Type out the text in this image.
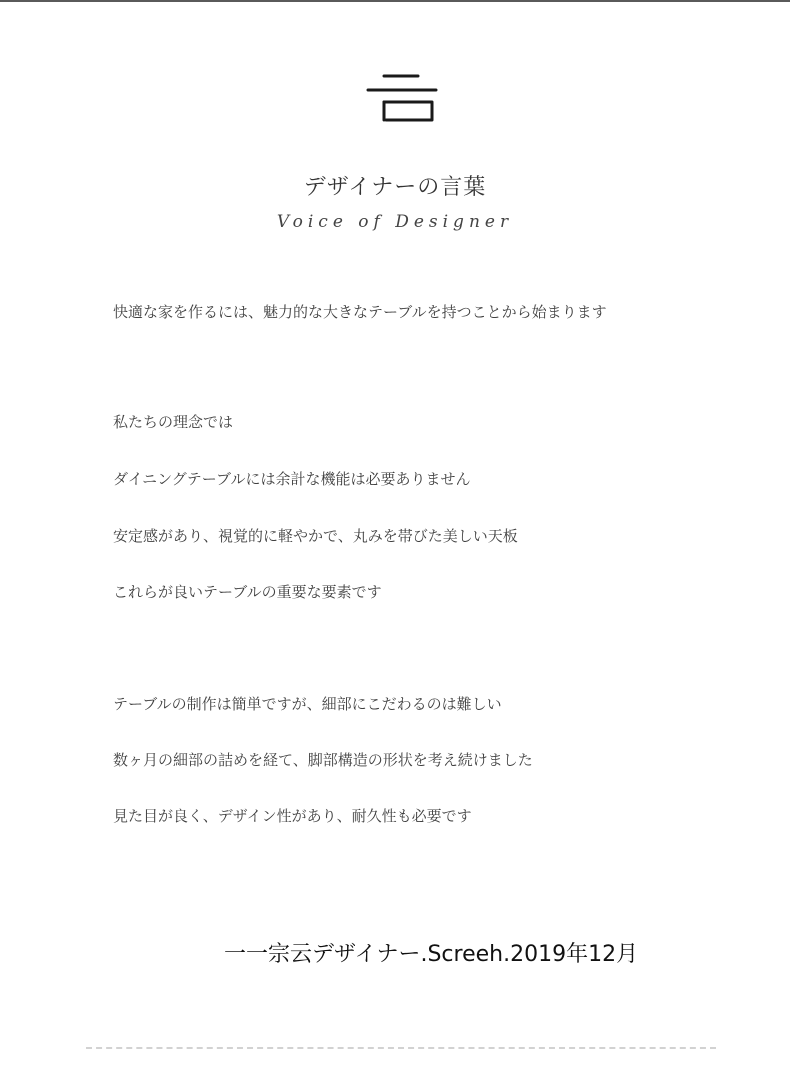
デザイナーの言葉
Voice of Designer
快適な家を作るには、魅力的な大きなテーブルを持つことから始まります
私たちの理念では
ダイニングテーブルには余計な機能は必要ありません
安定感があり、視覚的に軽やかで、丸みを帯びた美しい天板
これらが良いテーブルの重要な要素です
テーブルの制作は簡単ですが、細部にこだわるのは難しい
数ヶ月の細部の詰めを経て、脚部構造の形状を考え続けました
見た目が良く、デザイン性があり、耐久性も必要です
一一宗云デザイナー.Screeh.2019年12月
